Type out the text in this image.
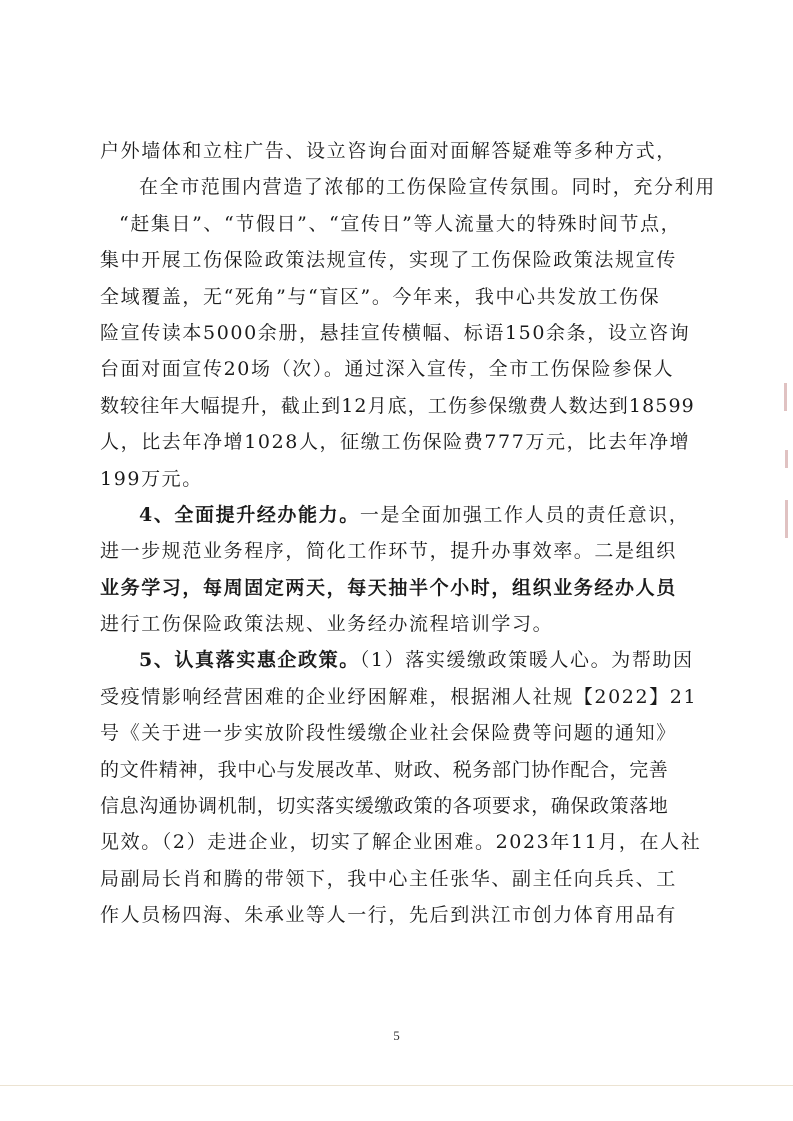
户外墙体和立柱广告、设立咨询台面对面解答疑难等多种方式，
在全市范围内营造了浓郁的工伤保险宣传氛围。同时，充分利用
“赶集日”、“节假日”、“宣传日”等人流量大的特殊时间节点，
集中开展工伤保险政策法规宣传，实现了工伤保险政策法规宣传
全域覆盖，无“死角”与“盲区”。今年来，我中心共发放工伤保
险宣传读本5000余册，悬挂宣传横幅、标语150余条，设立咨询
台面对面宣传20场（次）。通过深入宣传，全市工伤保险参保人
数较往年大幅提升，截止到12月底，工伤参保缴费人数达到18599
人，比去年净增1028人，征缴工伤保险费777万元，比去年净增
199万元。
4、全面提升经办能力。一是全面加强工作人员的责任意识，
进一步规范业务程序，简化工作环节，提升办事效率。二是组织
业务学习，每周固定两天，每天抽半个小时，组织业务经办人员
进行工伤保险政策法规、业务经办流程培训学习。
5、认真落实惠企政策。（1）落实缓缴政策暖人心。为帮助因
受疫情影响经营困难的企业纾困解难，根据湘人社规【2022】21
号《关于进一步实放阶段性缓缴企业社会保险费等问题的通知》
的文件精神，我中心与发展改革、财政、税务部门协作配合，完善
信息沟通协调机制，切实落实缓缴政策的各项要求，确保政策落地
见效。（2）走进企业，切实了解企业困难。2023年11月，在人社
局副局长肖和腾的带领下，我中心主任张华、副主任向兵兵、工
作人员杨四海、朱承业等人一行，先后到洪江市创力体育用品有
5
